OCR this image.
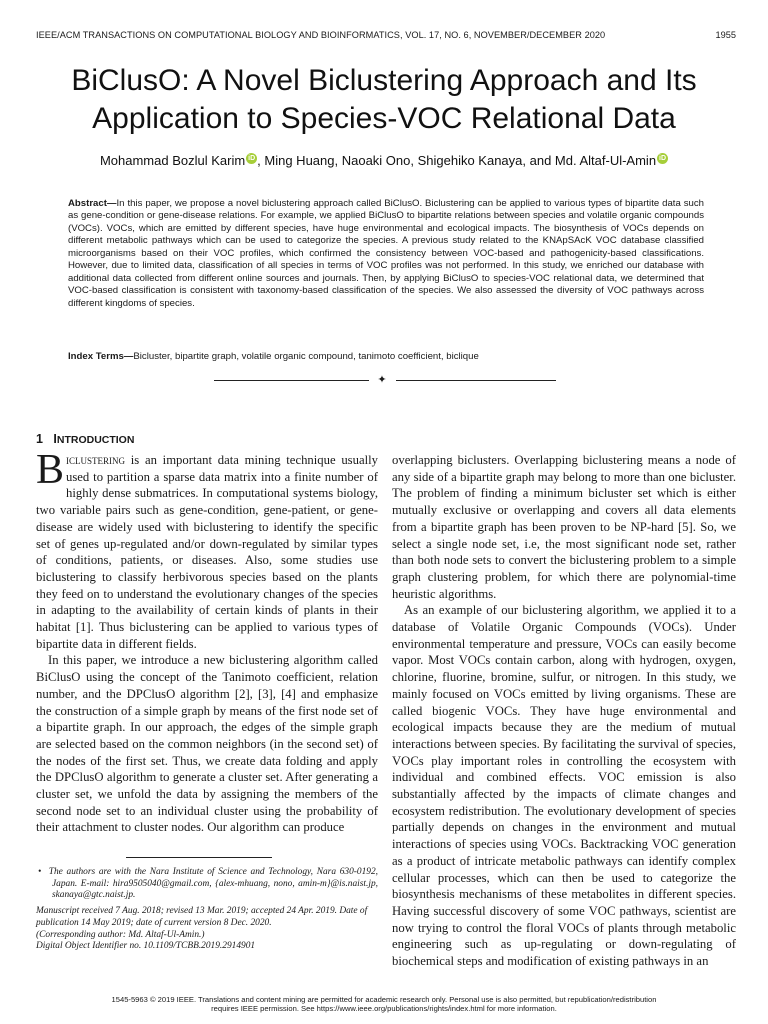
IEEE/ACM TRANSACTIONS ON COMPUTATIONAL BIOLOGY AND BIOINFORMATICS, VOL. 17, NO. 6, NOVEMBER/DECEMBER 2020	1955
BiClusO: A Novel Biclustering Approach and Its Application to Species-VOC Relational Data
Mohammad Bozlul Karim iD , Ming Huang, Naoaki Ono, Shigehiko Kanaya, and Md. Altaf-Ul-Amin iD
Abstract—In this paper, we propose a novel biclustering approach called BiClusO. Biclustering can be applied to various types of bipartite data such as gene-condition or gene-disease relations. For example, we applied BiClusO to bipartite relations between species and volatile organic compounds (VOCs). VOCs, which are emitted by different species, have huge environmental and ecological impacts. The biosynthesis of VOCs depends on different metabolic pathways which can be used to categorize the species. A previous study related to the KNApSAcK VOC database classified microorganisms based on their VOC profiles, which confirmed the consistency between VOC-based and pathogenicity-based classifications. However, due to limited data, classification of all species in terms of VOC profiles was not performed. In this study, we enriched our database with additional data collected from different online sources and journals. Then, by applying BiClusO to species-VOC relational data, we determined that VOC-based classification is consistent with taxonomy-based classification of the species. We also assessed the diversity of VOC pathways across different kingdoms of species.
Index Terms—Bicluster, bipartite graph, volatile organic compound, tanimoto coefficient, biclique
✦
1 INTRODUCTION

Biclustering is an important data mining technique usually used to partition a sparse data matrix into a finite number of highly dense submatrices. In computational systems biology, two variable pairs such as gene-condition, gene-patient, or gene-disease are widely used with biclustering to identify the specific set of genes up-regulated and/or down-regulated by similar types of conditions, patients, or diseases. Also, some studies use biclustering to classify herbivorous species based on the plants they feed on to understand the evolutionary changes of the species in adapting to the availability of certain kinds of plants in their habitat [1]. Thus biclustering can be applied to various types of bipartite data in different fields.

In this paper, we introduce a new biclustering algorithm called BiClusO using the concept of the Tanimoto coefficient, relation number, and the DPClusO algorithm [2], [3], [4] and emphasize the construction of a simple graph by means of the first node set of a bipartite graph. In our approach, the edges of the simple graph are selected based on the common neighbors (in the second set) of the nodes of the first set. Thus, we create data folding and apply the DPClusO algorithm to generate a cluster set. After generating a cluster set, we unfold the data by assigning the members of the second node set to an individual cluster using the probability of their attachment to cluster nodes. Our algorithm can produce

overlapping biclusters. Overlapping biclustering means a node of any side of a bipartite graph may belong to more than one bicluster. The problem of finding a minimum bicluster set which is either mutually exclusive or overlapping and covers all data elements from a bipartite graph has been proven to be NP-hard [5]. So, we select a single node set, i.e, the most significant node set, rather than both node sets to convert the biclustering problem to a simple graph clustering problem, for which there are polynomial-time heuristic algorithms.

As an example of our biclustering algorithm, we applied it to a database of Volatile Organic Compounds (VOCs). Under environmental temperature and pressure, VOCs can easily become vapor. Most VOCs contain carbon, along with hydrogen, oxygen, chlorine, fluorine, bromine, sulfur, or nitrogen. In this study, we mainly focused on VOCs emitted by living organisms. These are called biogenic VOCs. They have huge environmental and ecological impacts because they are the medium of mutual interactions between species. By facilitating the survival of species, VOCs play important roles in controlling the ecosystem with individual and combined effects. VOC emission is also substantially affected by the impacts of climate changes and ecosystem redistribution. The evolutionary development of species partially depends on changes in the environment and mutual interactions of species using VOCs. Backtracking VOC generation as a product of intricate metabolic pathways can identify complex cellular processes, which can then be used to categorize the biosynthesis mechanisms of these metabolites in different species. Having successful discovery of some VOC pathways, scientist are now trying to control the floral VOCs of plants through metabolic engineering such as up-regulating or down-regulating of biochemical steps and modification of existing pathways in an

• The authors are with the Nara Institute of Science and Technology, Nara 630-0192, Japan. E-mail: hira9505040@gmail.com, {alex-mhuang, nono, amin-m}@is.naist.jp, skanaya@gtc.naist.jp.

Manuscript received 7 Aug. 2018; revised 13 Mar. 2019; accepted 24 Apr. 2019. Date of publication 14 May 2019; date of current version 8 Dec. 2020.

(Corresponding author: Md. Altaf-Ul-Amin.)

Digital Object Identifier no. 10.1109/TCBB.2019.2914901

1545-5963 © 2019 IEEE. Translations and content mining are permitted for academic research only. Personal use is also permitted, but republication/redistribution
requires IEEE permission. See https://www.ieee.org/publications/rights/index.html for more information.
